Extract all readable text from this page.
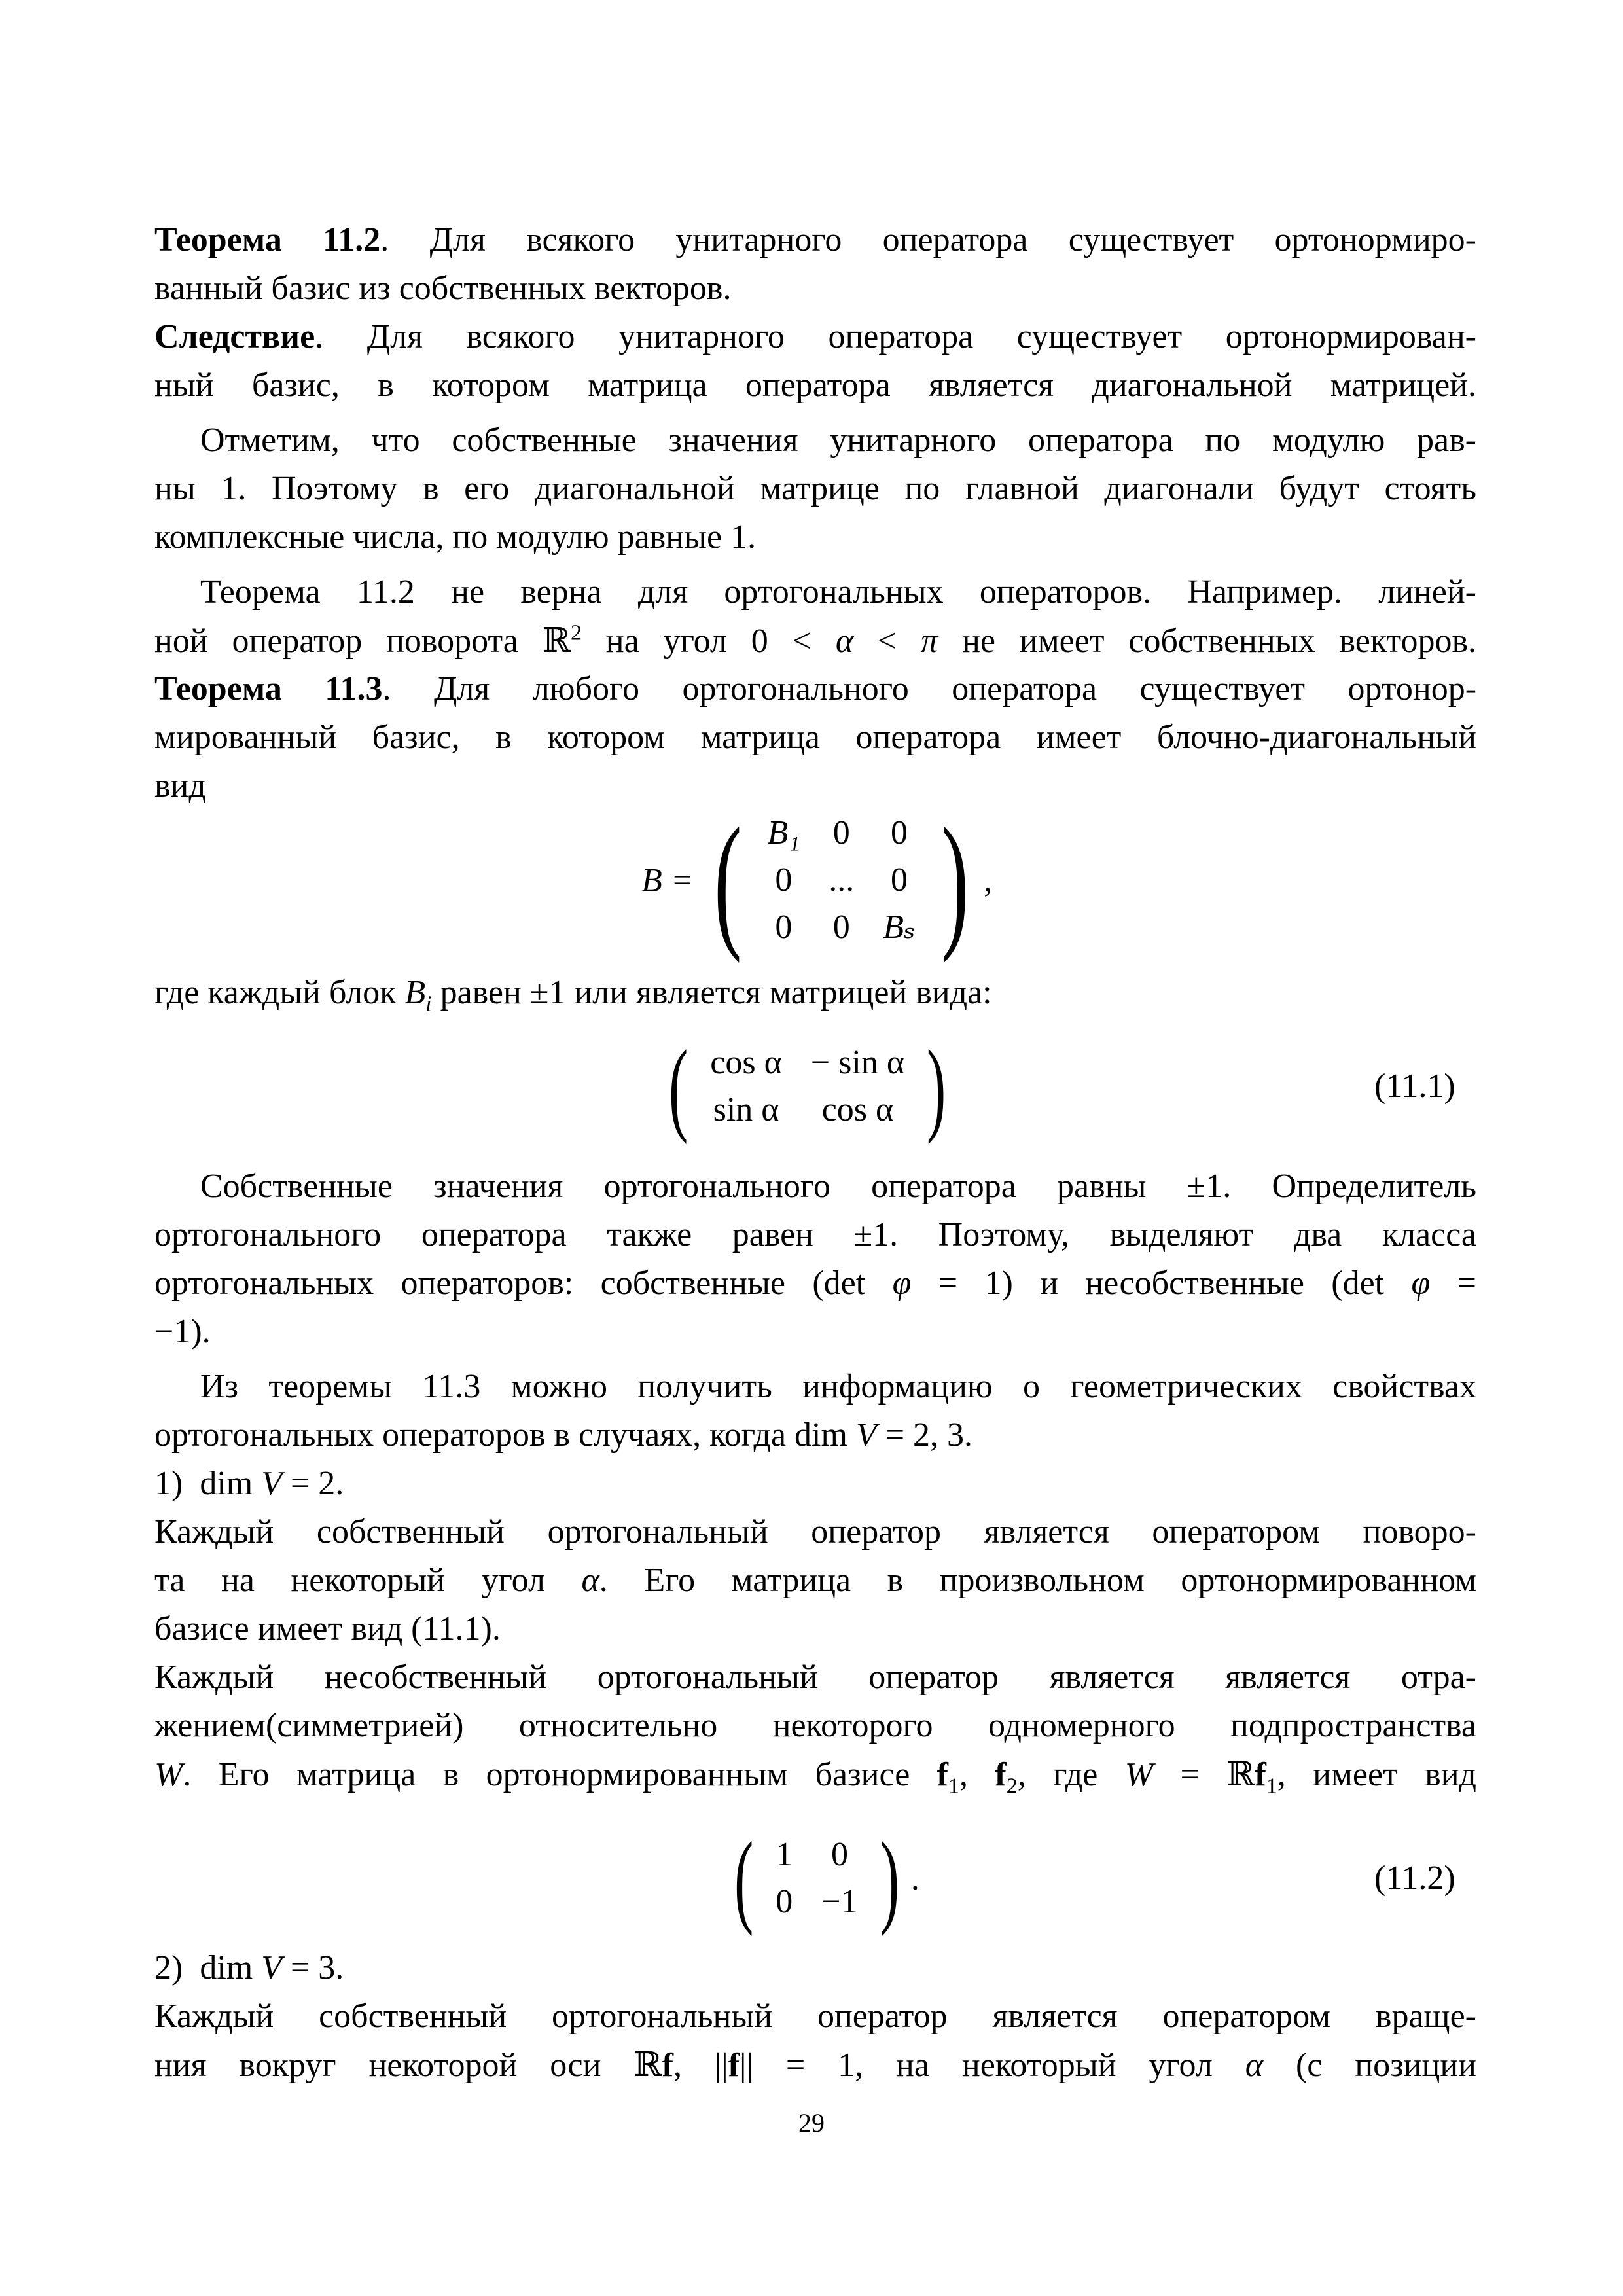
Теорема 11.2. Для всякого унитарного оператора существует ортонормиро-
ванный базис из собственных векторов.
Следствие. Для всякого унитарного оператора существует ортонормирован-
ный базис, в котором матрица оператора является диагональной матрицей.
Отметим, что собственные значения унитарного оператора по модулю рав-
ны 1. Поэтому в его диагональной матрице по главной диагонали будут стоять
комплексные числа, по модулю равные 1.
Теорема 11.2 не верна для ортогональных операторов. Например. линей-
ной оператор поворота ℝ$^2$ на угол 0 < α < π не имеет собственных векторов.
Теорема 11.3. Для любого ортогонального оператора существует ортонор-
мированный базис, в котором матрица оператора имеет блочно-диагональный
вид
B = ( B₁	0	0
0	...	0
0	0	Bₛ ) ,
где каждый блок $B_i$ равен ±1 или является матрицей вида:
( cos α	− sin α
sin α	cos α )	(11.1)
Собственные значения ортогонального оператора равны ±1. Определитель
ортогонального оператора также равен ±1. Поэтому, выделяют два класса
ортогональных операторов: собственные (det φ = 1) и несобственные (det φ =
−1).
Из теоремы 11.3 можно получить информацию о геометрических свойствах
ортогональных операторов в случаях, когда dim V = 2, 3.
1)  dim V = 2.
Каждый собственный ортогональный оператор является оператором поворо-
та на некоторый угол α. Его матрица в произвольном ортонормированном
базисе имеет вид (11.1).
Каждый несобственный ортогональный оператор является является отра-
жением(симметрией) относительно некоторого одномерного подпространства
W. Его матрица в ортонормированным базисе $f_1$, $f_2$, где W = ℝf$_1$, имеет вид
( 1	0
0	−1 ) .	(11.2)
2)  dim V = 3.
Каждый собственный ортогональный оператор является оператором враще-
ния вокруг некоторой оси ℝf, ||f|| = 1, на некоторый угол α (с позиции
29
